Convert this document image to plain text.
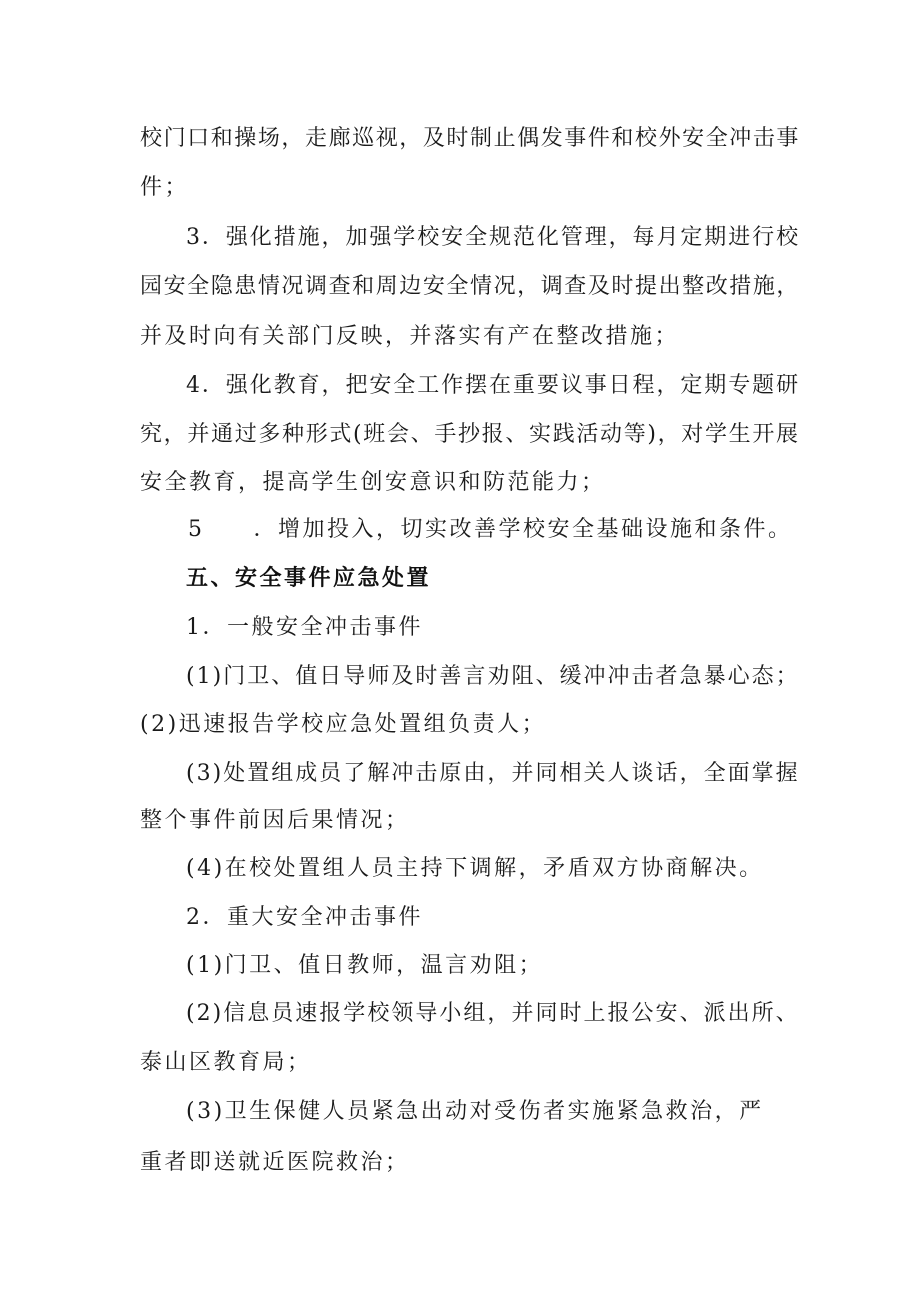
校门口和操场，走廊巡视，及时制止偶发事件和校外安全冲击事

件；

3．强化措施，加强学校安全规范化管理，每月定期进行校

园安全隐患情况调查和周边安全情况，调查及时提出整改措施，

并及时向有关部门反映，并落实有产在整改措施；

4．强化教育，把安全工作摆在重要议事日程，定期专题研

究，并通过多种形式(班会、手抄报、实践活动等)，对学生开展

安全教育，提高学生创安意识和防范能力；

5　　．增加投入，切实改善学校安全基础设施和条件。

五、安全事件应急处置

1．一般安全冲击事件

(1)门卫、值日导师及时善言劝阻、缓冲冲击者急暴心态；

(2)迅速报告学校应急处置组负责人；

(3)处置组成员了解冲击原由，并同相关人谈话，全面掌握

整个事件前因后果情况；

(4)在校处置组人员主持下调解，矛盾双方协商解决。

2．重大安全冲击事件

(1)门卫、值日教师，温言劝阻；

(2)信息员速报学校领导小组，并同时上报公安、派出所、

泰山区教育局；

(3)卫生保健人员紧急出动对受伤者实施紧急救治，严

重者即送就近医院救治；
